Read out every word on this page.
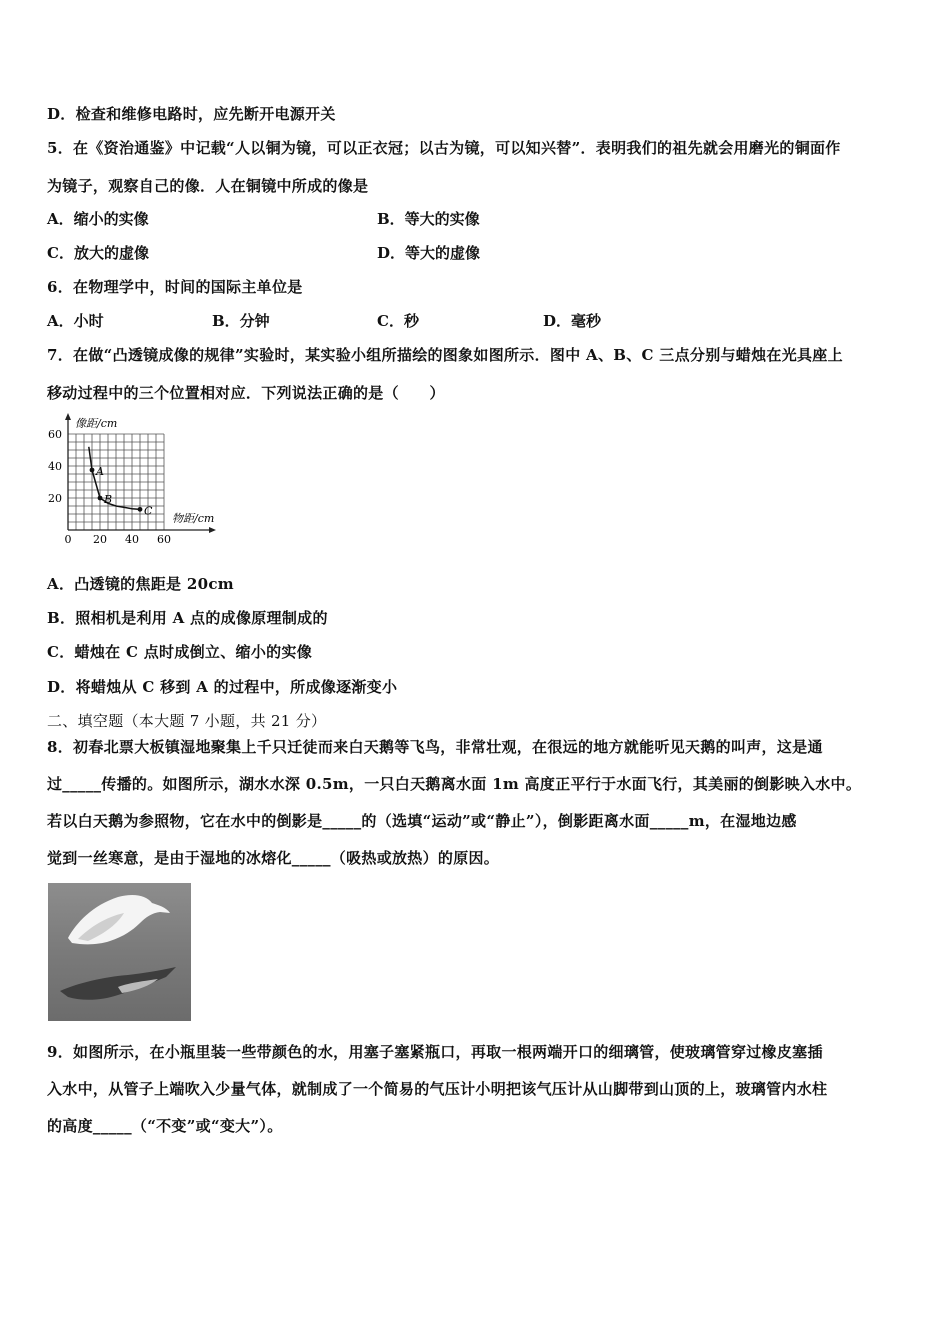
D．检查和维修电路时，应先断开电源开关
5．在《资治通鉴》中记载“人以铜为镜，可以正衣冠；以古为镜，可以知兴替”．表明我们的祖先就会用磨光的铜面作
为镜子，观察自己的像．人在铜镜中所成的像是
A．缩小的实像	B．等大的实像
C．放大的虚像	D．等大的虚像
6．在物理学中，时间的国际主单位是
A．小时	B．分钟	C．秒	D．毫秒
7．在做“凸透镜成像的规律”实验时，某实验小组所描绘的图象如图所示．图中 A、B、C 三点分别与蜡烛在光具座上
移动过程中的三个位置相对应．下列说法正确的是（　　）
像距/cm
物距/cm
0 20 40 60
20
40
60
A
B
C
A．凸透镜的焦距是 20cm
B．照相机是利用 A 点的成像原理制成的
C．蜡烛在 C 点时成倒立、缩小的实像
D．将蜡烛从 C 移到 A 的过程中，所成像逐渐变小
二、填空题（本大题 7 小题，共 21 分）
8．初春北票大板镇湿地聚集上千只迁徒而来白天鹅等飞鸟，非常壮观，在很远的地方就能听见天鹅的叫声，这是通
过_____传播的。如图所示，湖水水深 0.5m，一只白天鹅离水面 1m 高度正平行于水面飞行，其美丽的倒影映入水中。
若以白天鹅为参照物，它在水中的倒影是_____的（选填“运动”或“静止”），倒影距离水面_____m，在湿地边感
觉到一丝寒意，是由于湿地的冰熔化_____（吸热或放热）的原因。
9．如图所示，在小瓶里装一些带颜色的水，用塞子塞紧瓶口，再取一根两端开口的细璃管，使玻璃管穿过橡皮塞插
入水中，从管子上端吹入少量气体，就制成了一个简易的气压计小明把该气压计从山脚带到山顶的上，玻璃管内水柱
的高度_____（“不变”或“变大”）。
